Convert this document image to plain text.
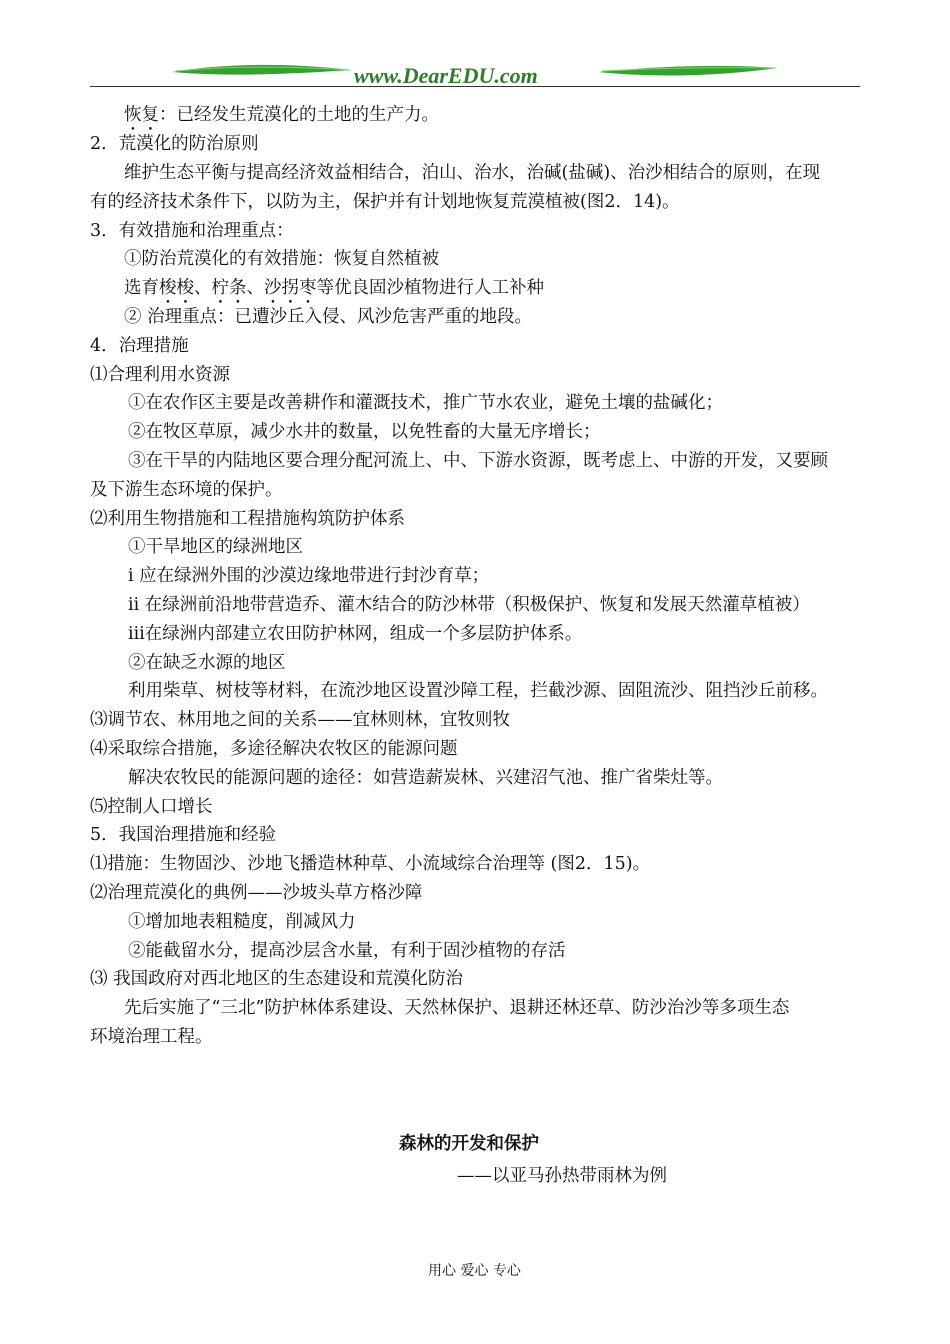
www.DearEDU.com
恢复：已经发生荒漠化的土地的生产力。
2．荒漠化的防治原则
维护生态平衡与提高经济效益相结合，泊山、治水，治碱(盐碱)、治沙相结合的原则，在现
有的经济技术条件下，以防为主，保护并有计划地恢复荒漠植被(图2．14)。
3．有效措施和治理重点：
①防治荒漠化的有效措施：恢复自然植被
选育梭梭、柠条、沙拐枣等优良固沙植物进行人工补种
② 治理重点：已遭沙丘入侵、风沙危害严重的地段。
4．治理措施
⑴合理利用水资源
①在农作区主要是改善耕作和灌溉技术，推广节水农业，避免土壤的盐碱化；
②在牧区草原，减少水井的数量，以免牲畜的大量无序增长；
③在干旱的内陆地区要合理分配河流上、中、下游水资源，既考虑上、中游的开发，又要顾
及下游生态环境的保护。
⑵利用生物措施和工程措施构筑防护体系
①干旱地区的绿洲地区
ⅰ 应在绿洲外围的沙漠边缘地带进行封沙育草；
ⅱ 在绿洲前沿地带营造乔、灌木结合的防沙林带（积极保护、恢复和发展天然灌草植被）
ⅲ在绿洲内部建立农田防护林网，组成一个多层防护体系。
②在缺乏水源的地区
利用柴草、树枝等材料，在流沙地区设置沙障工程，拦截沙源、固阻流沙、阻挡沙丘前移。
⑶调节农、林用地之间的关系——宜林则林，宜牧则牧
⑷采取综合措施，多途径解决农牧区的能源问题
解决农牧民的能源问题的途径：如营造薪炭林、兴建沼气池、推广省柴灶等。
⑸控制人口增长
5．我国治理措施和经验
⑴措施：生物固沙、沙地飞播造林种草、小流域综合治理等 (图2．15)。
⑵治理荒漠化的典例——沙坡头草方格沙障
①增加地表粗糙度，削减风力
②能截留水分，提高沙层含水量，有利于固沙植物的存活
⑶ 我国政府对西北地区的生态建设和荒漠化防治
先后实施了“三北”防护林体系建设、天然林保护、退耕还林还草、防沙治沙等多项生态
环境治理工程。
森林的开发和保护
——以亚马孙热带雨林为例
用心 爱心 专心
